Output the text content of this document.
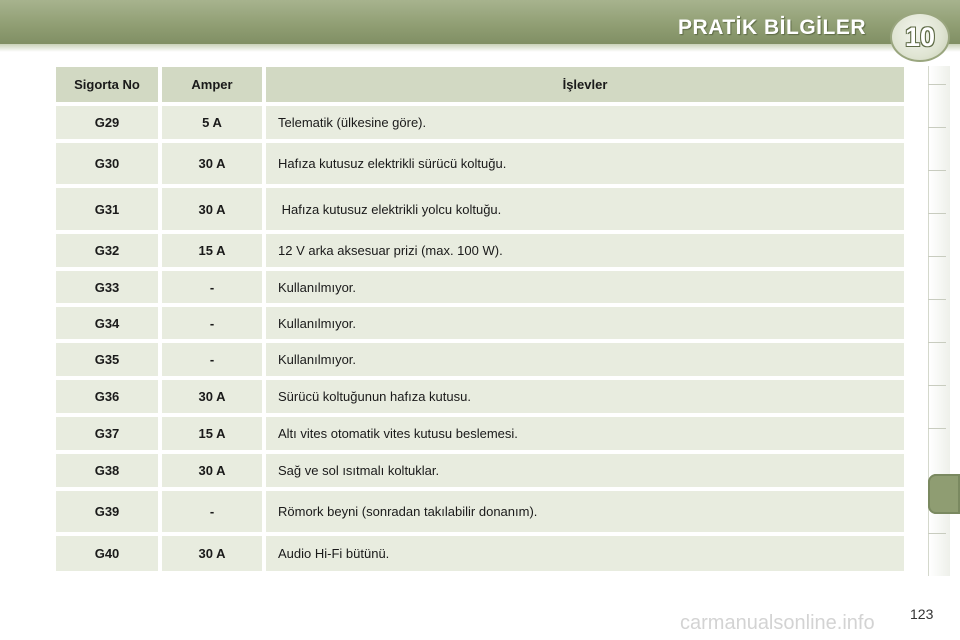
PRATİK BİLGİLER	10
Sigorta No	Amper	İşlevler
G29	5 A	Telematik (ülkesine göre).
G30	30 A	Hafıza kutusuz elektrikli sürücü koltuğu.
G31	30 A	Hafıza kutusuz elektrikli yolcu koltuğu.
G32	15 A	12 V arka aksesuar prizi (max. 100 W).
G33	-	Kullanılmıyor.
G34	-	Kullanılmıyor.
G35	-	Kullanılmıyor.
G36	30 A	Sürücü koltuğunun hafıza kutusu.
G37	15 A	Altı vites otomatik vites kutusu beslemesi.
G38	30 A	Sağ ve sol ısıtmalı koltuklar.
G39	-	Römork beyni (sonradan takılabilir donanım).
G40	30 A	Audio Hi-Fi bütünü.
carmanualsonline.info	123
